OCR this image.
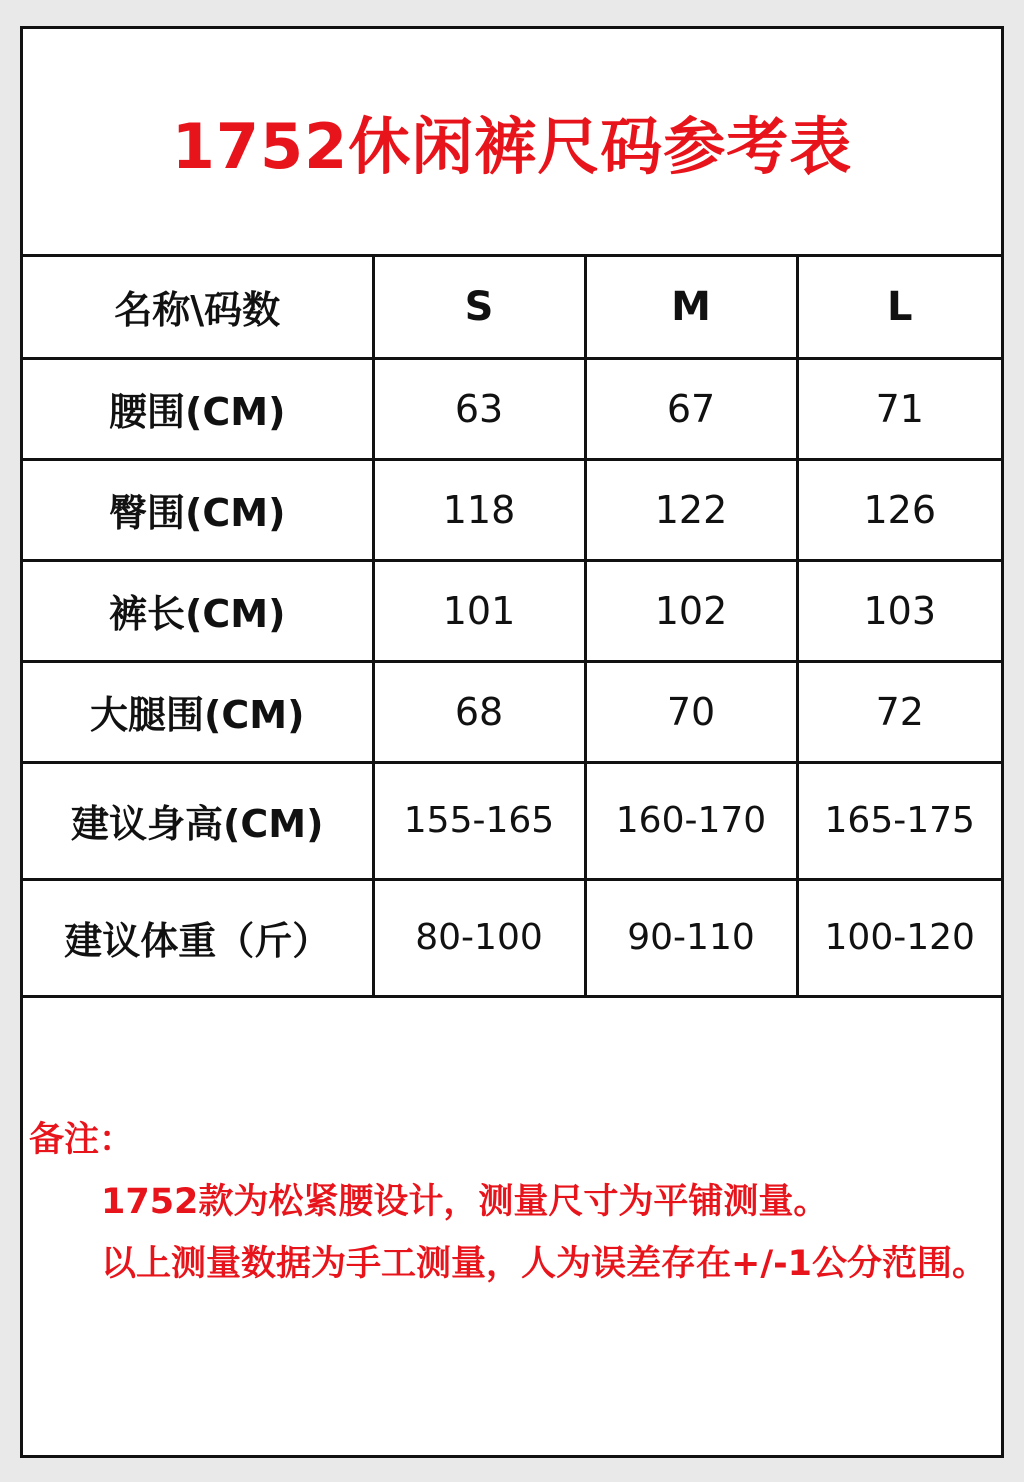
1752休闲裤尺码参考表
名称\码数	S	M	L
腰围(CM)	63	67	71
臀围(CM)	118	122	126
裤长(CM)	101	102	103
大腿围(CM)	68	70	72
建议身高(CM)	155-165	160-170	165-175
建议体重（斤）	80-100	90-110	100-120

备注：

1752款为松紧腰设计，测量尺寸为平铺测量。

以上测量数据为手工测量，人为误差存在+/-1公分范围。
